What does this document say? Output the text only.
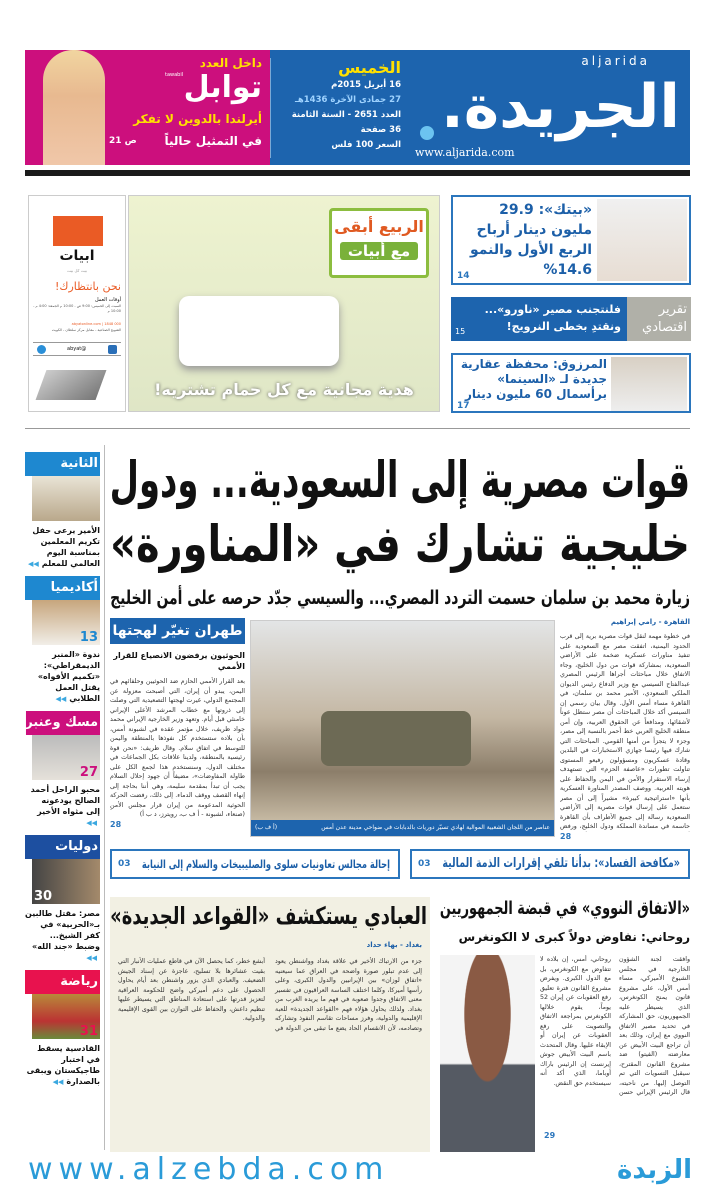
الجريدة.
aljarida
www.aljarida.com
الخميس
16 أبريل 2015م
27 جمادى الآخرة 1436هـ
العدد 2651 - السنة الثامنة
36 صفحة
السعر 100 فلس
داخل العدد
توابل
tawabil
أيرلندا بالدوين لا تفكر
في التمثيل حالياً
ص 21
ابيات
بيت كل بيت
نحن بانتظارك!
أوقات العمل
السبت إلى الخميس: 9:00 ص - 10:00 م الجمعة: 4:00 م - 10:00 م
abyatonline.com | 1848 000
الشويخ الصناعية - مقابل مركز سلطان - الكويت
@abyat
الربيع أبقى
مع أبيات
هدية مجانية مع كل حمام تشتريه!
«بيتك»: 29.9 مليون دينار أرباح الربع الأول والنمو 14.6%
14
تقرير اقتصادي
فلنتجنب مصير «ناورو»... ونقتدِ بخطى النرويج!
15
المرزوق: محفظة عقارية جديدة لـ «السينما» برأسمال 60 مليون دينار
17
الثانية
الأمير يرعى حفل تكريم المعلمين بمناسبة اليوم العالمي للمعلم◀◀
أكاديميا
13
ندوة «المنبر الديمقراطي»: «تكميم الأفواه» يقتل العمل الطلابي◀◀
مسك وعنبر
27
محبو الراحل أحمد الصالح يودعونه إلى مثواه الأخير◀◀
دوليات
30
مصر: مقتل طالبين بـ«الحربية» في كفر الشيخ... وضبط «جند الله»◀◀
رياضة
31
القادسية يسقط في اختبار طاجيكستان ويبقى بالصدارة◀◀
قوات مصرية إلى السعودية... ودول
خليجية تشارك في «المناورة»
زيارة محمد بن سلمان حسمت التردد المصري... والسيسي جدّد حرصه على أمن الخليج
القاهرة - رامي إبراهيم
في خطوة مهمة لنقل قوات مصرية برية إلى قرب الحدود اليمنية، اتفقت مصر مع السعودية على تنفيذ مناورات عسكرية ضخمة على الأراضي السعودية، بمشاركة قوات من دول الخليج، وجاء الاتفاق خلال مباحثات أجراها الرئيس المصري عبدالفتاح السيسي مع وزير الدفاع رئيس الديوان الملكي السعودي، الأمير محمد بن سلمان، في القاهرة مساء أمس الأول. وقال بيان رسمي إن السيسي أكد خلال المباحثات أن مصر ستظل عوناً لأشقائها، ومدافعاً عن الحقوق العربية، وإن أمن منطقة الخليج العربي خط أحمر بالنسبة إلى مصر، وجزء لا يتجزأ من أمنها القومي. المباحثات التي شارك فيها رئيسا جهازي الاستخبارات في البلدين وقادة عسكريون ومسؤولون رفيعو المستوى تناولت تطورات «عاصفة الحزم» التي تستهدف إرساء الاستقرار والأمن في اليمن والحفاظ على هويته العربية. ووصف المصدر المناورة العسكرية بأنها «استراتيجية كبيرة» مشيراً إلى أن مصر ستعمل على إرسال قوات مصرية إلى الأراضي السعودية رسالة إلى جميع الأطراف بأن القاهرة حاسمة في مساندة المملكة ودول الخليج، ورفض
28
عناصر من اللجان الشعبية الموالية لهادي تسيّر دوريات بالدبابات في ضواحي مدينة عدن أمس
(أ ف ب)
طهران تغيّر لهجتها
الحوثيون يرفضون الانصياع للقرار الأممي
بعد القرار الأممي الحازم ضد الحوثيين وحلفائهم في اليمن، يبدو أن إيران، التي أصبحت معزولة عن المجتمع الدولي، غيرت لهجتها التصعيدية التي وصلت إلى ذروتها مع خطاب المرشد الأعلى الإيراني خامنئي قبل أيام. وتعهد وزير الخارجية الإيراني محمد جواد ظريف، خلال مؤتمر عقده في لشبونة أمس، بأن بلاده ستستخدم كل نفوذها بالمنطقة واليمن للتوسط في اتفاق سلام. وقال ظريف: «نحن قوة رئيسية بالمنطقة، ولدينا علاقات بكل الجماعات في مختلف الدول، وسنستخدم هذا لجمع الكل على طاولة المفاوضات»، مضيفاً أن جهود إحلال السلام يجب أن تبدأ بمقدمة سليمة، وهي أننا بحاجة إلى إنهاء القصف ووقف الدماء. إلى ذلك، رفضت الحركة الحوثية المدعومة من إيران قرار مجلس الأمن
(صنعاء، لشبونة - أ ف ب، رويترز، د ب أ)
28
«مكافحة الفساد»: بدأنا تلقي إقرارات الذمة المالية
03
إحالة مجالس تعاونيات سلوى والصليبيخات والسلام إلى النيابة
03
العبادي يستكشف «القواعد الجديدة»
بغداد - بهاء حداد
جزء من الارتباك الأخير في علاقة بغداد وواشنطن يعود إلى عدم تبلور صورة واضحة في العراق عما سيعنيه «اتفاق لوزان» بين الإيرانيين والدول الكبرى، وعلى رأسها أميركا، وكلما اختلف الساسة العراقيون في تفسير معنى الاتفاق وجدوا صعوبة في فهم ما يريده الغرب من بغداد. ولذلك يحاول هؤلاء فهم «القواعد الجديدة» للعبة الإقليمية والدولية، وفرز مساحات تقاسم النفوذ وتشاركه وتصادمه، لأن الانقسام الحاد يضع ما تبقى من الدولة في أبشع خطر، كما يحصل الآن في قاطع عمليات الأنبار التي بقيت عشائرها بلا تسليح، عاجزة عن إسناد الجيش الضعيف. والعبادي الذي يزور واشنطن بعد أيام يحاول الحصول على دعم أميركي واضح للحكومة العراقية لتعزيز قدرتها على استعادة المناطق التي يسيطر عليها تنظيم داعش، والحفاظ على التوازن بين القوى الإقليمية والدولية.
«الاتفاق النووي» في قبضة الجمهوريين
روحاني: نفاوض دولاً كبرى لا الكونغرس
وافقت لجنة الشؤون الخارجية في مجلس الشيوخ الأميركي، مساء أمس الأول، على مشروع قانون يمنح الكونغرس، الذي يسيطر عليه الجمهوريون، حق المشاركة في تحديد مصير الاتفاق النووي مع إيران، وذلك بعد أن تراجع البيت الأبيض عن معارضته (الفيتو) ضد مشروع القانون المقترح، سيقبل التسويات التي تم التوصل إليها. من ناحيته، قال الرئيس الإيراني حسن روحاني، أمس، إن بلاده لا تتفاوض مع الكونغرس، بل مع الدول الكبرى. ويفرض مشروع القانون فترة تعليق رفع العقوبات عن إيران 52 يوماً، يقوم خلالها الكونغرس بمراجعة الاتفاق والتصويت على رفع العقوبات عن إيران أو الإبقاء عليها. وقال المتحدث باسم البيت الأبيض جوش إيرنست إن الرئيس باراك أوباما، الذي أكد أنه سيستخدم حق النقض.
29
www.alzebda.com	الزبدة
